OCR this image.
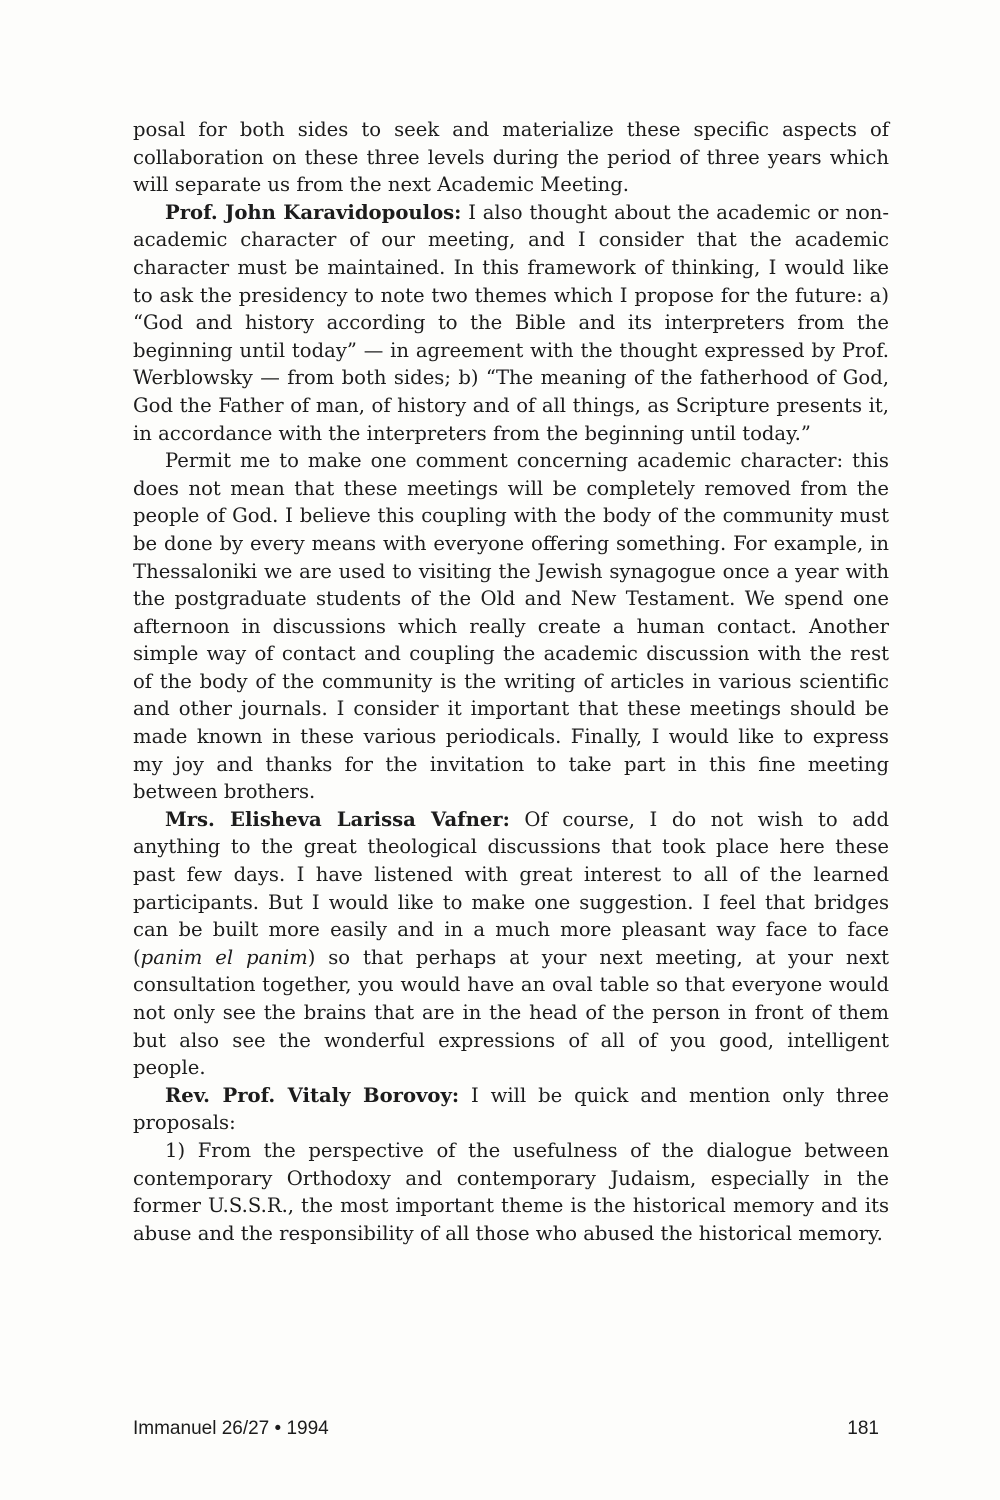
posal for both sides to seek and materialize these specific aspects of collaboration on these three levels during the period of three years which will separate us from the next Academic Meeting.

Prof. John Karavidopoulos: I also thought about the academic or non-academic character of our meeting, and I consider that the academic character must be maintained. In this framework of thinking, I would like to ask the presidency to note two themes which I propose for the future: a) “God and history according to the Bible and its interpreters from the beginning until today” — in agreement with the thought expressed by Prof. Werblowsky — from both sides; b) “The meaning of the fatherhood of God, God the Father of man, of history and of all things, as Scripture presents it, in accordance with the interpreters from the beginning until today.”

Permit me to make one comment concerning academic character: this does not mean that these meetings will be completely removed from the people of God. I believe this coupling with the body of the community must be done by every means with everyone offering something. For example, in Thessaloniki we are used to visiting the Jewish synagogue once a year with the postgraduate students of the Old and New Testament. We spend one afternoon in discussions which really create a human contact. Another simple way of contact and coupling the academic discussion with the rest of the body of the community is the writing of articles in various scientific and other journals. I consider it important that these meetings should be made known in these various periodicals. Finally, I would like to express my joy and thanks for the invitation to take part in this fine meeting between brothers.

Mrs. Elisheva Larissa Vafner: Of course, I do not wish to add anything to the great theological discussions that took place here these past few days. I have listened with great interest to all of the learned participants. But I would like to make one suggestion. I feel that bridges can be built more easily and in a much more pleasant way face to face (panim el panim) so that perhaps at your next meeting, at your next consultation together, you would have an oval table so that everyone would not only see the brains that are in the head of the person in front of them but also see the wonderful expressions of all of you good, intelligent people.

Rev. Prof. Vitaly Borovoy: I will be quick and mention only three proposals:

1) From the perspective of the usefulness of the dialogue between contemporary Orthodoxy and contemporary Judaism, especially in the former U.S.S.R., the most important theme is the historical memory and its abuse and the responsibility of all those who abused the historical memory.

Immanuel 26/27 • 1994	181
